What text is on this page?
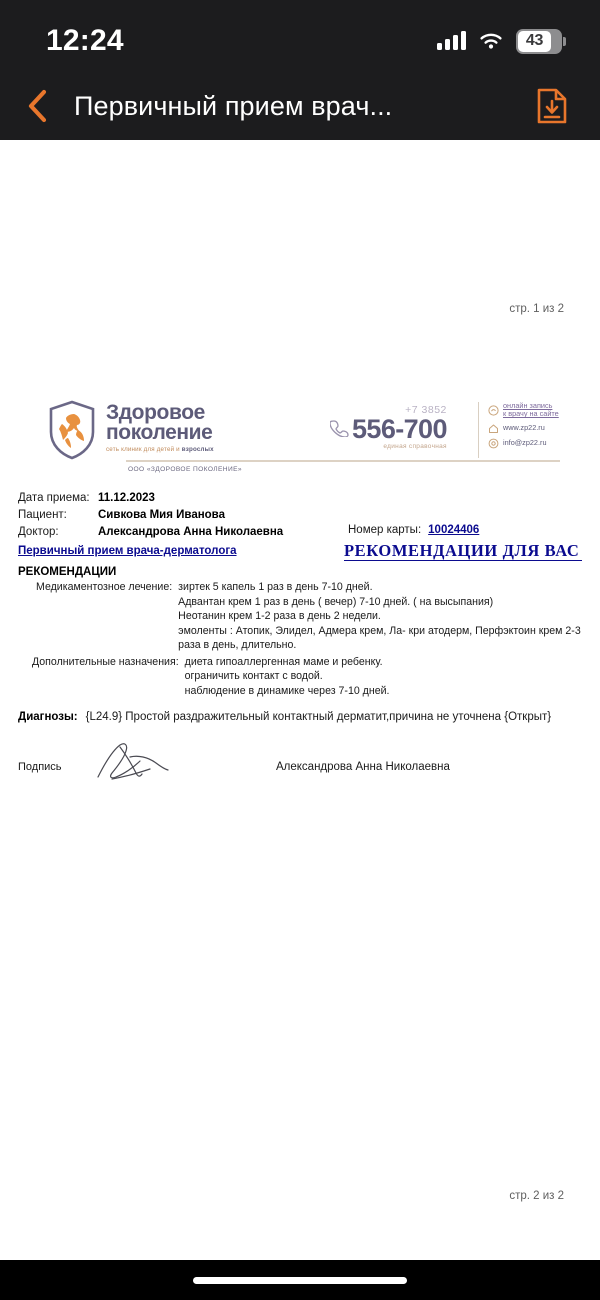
12:24	43
Первичный прием врач...
стр. 1 из 2
Здоровое
поколение
сеть клиник для детей и взрослых
+7 3852
556-700
единая справочная
онлайн запись
к врачу на сайте
www.zp22.ru
info@zp22.ru
ООО «ЗДОРОВОЕ ПОКОЛЕНИЕ»
Дата приема: 11.12.2023
Пациент:	Сивкова Мия Иванова
Доктор:	Александрова Анна Николаевна	Номер карты: 10024406
Первичный прием врача-дерматолога	РЕКОМЕНДАЦИИ ДЛЯ ВАС
РЕКОМЕНДАЦИИ
Медикаментозное лечение: зиртек 5 капель 1 раз в день 7-10 дней.
Адвантан крем 1 раз в день ( вечер) 7-10 дней. ( на высыпания)
Неотанин крем 1-2 раза в день 2 недели.
эмоленты : Атопик, Элидел, Адмера крем, Ла- кри атодерм, Перфэктоин крем 2-3 раза в день, длительно.
Дополнительные назначения: диета гипоаллергенная маме и ребенку.
ограничить контакт с водой.
наблюдение в динамике через 7-10 дней.
Диагнозы: {L24.9} Простой раздражительный контактный дерматит,причина не уточнена {Открыт}
Подпись	Александрова Анна Николаевна
стр. 2 из 2
